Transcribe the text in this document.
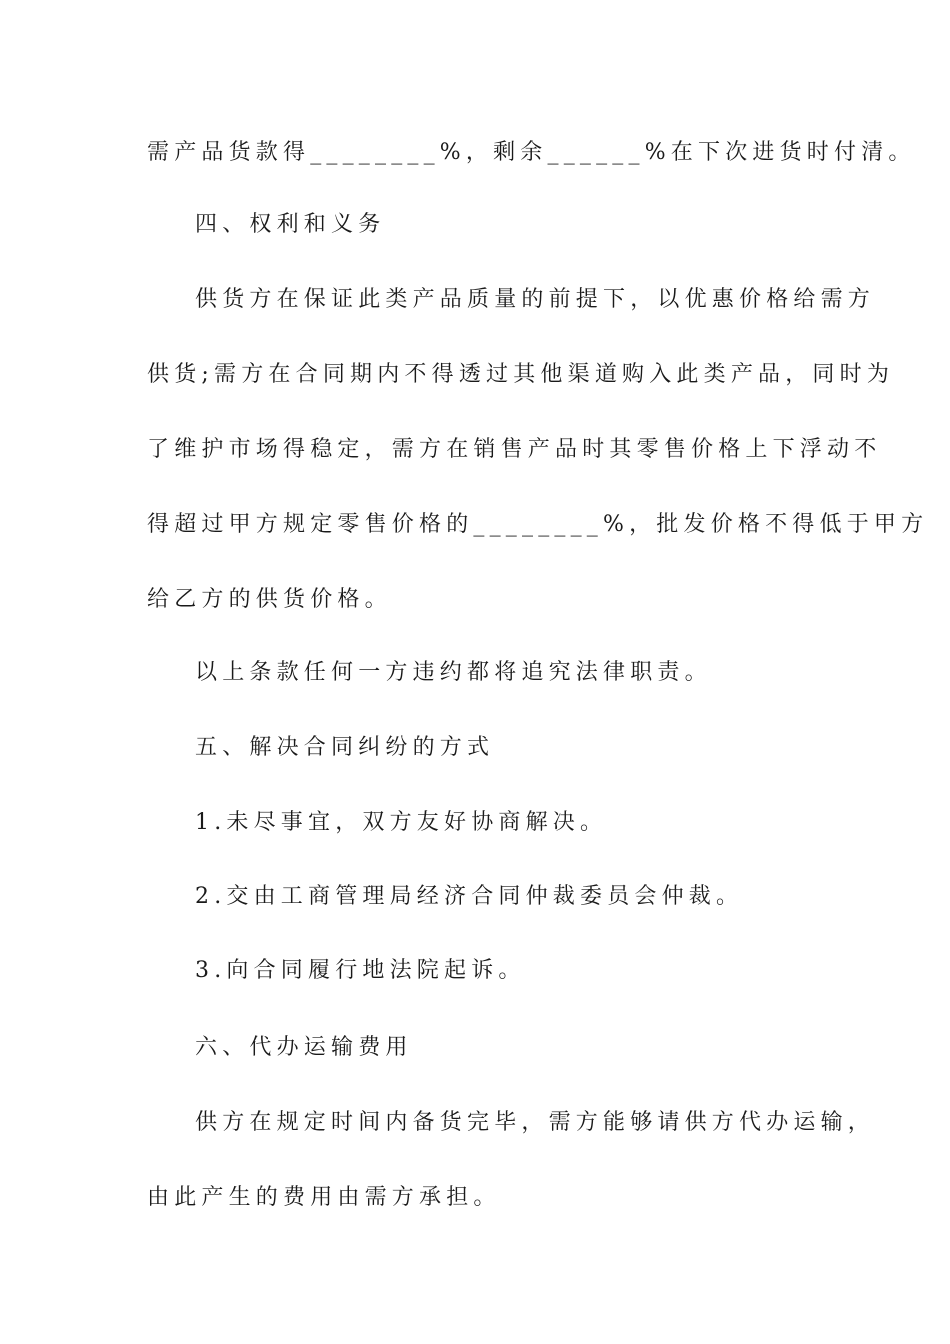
需产品货款得________%，剩余______%在下次进货时付清。

四、权利和义务

供货方在保证此类产品质量的前提下，以优惠价格给需方

供货;需方在合同期内不得透过其他渠道购入此类产品，同时为

了维护市场得稳定，需方在销售产品时其零售价格上下浮动不

得超过甲方规定零售价格的________%，批发价格不得低于甲方

给乙方的供货价格。

以上条款任何一方违约都将追究法律职责。

五、解决合同纠纷的方式

1.未尽事宜，双方友好协商解决。

2.交由工商管理局经济合同仲裁委员会仲裁。

3.向合同履行地法院起诉。

六、代办运输费用

供方在规定时间内备货完毕，需方能够请供方代办运输，

由此产生的费用由需方承担。
